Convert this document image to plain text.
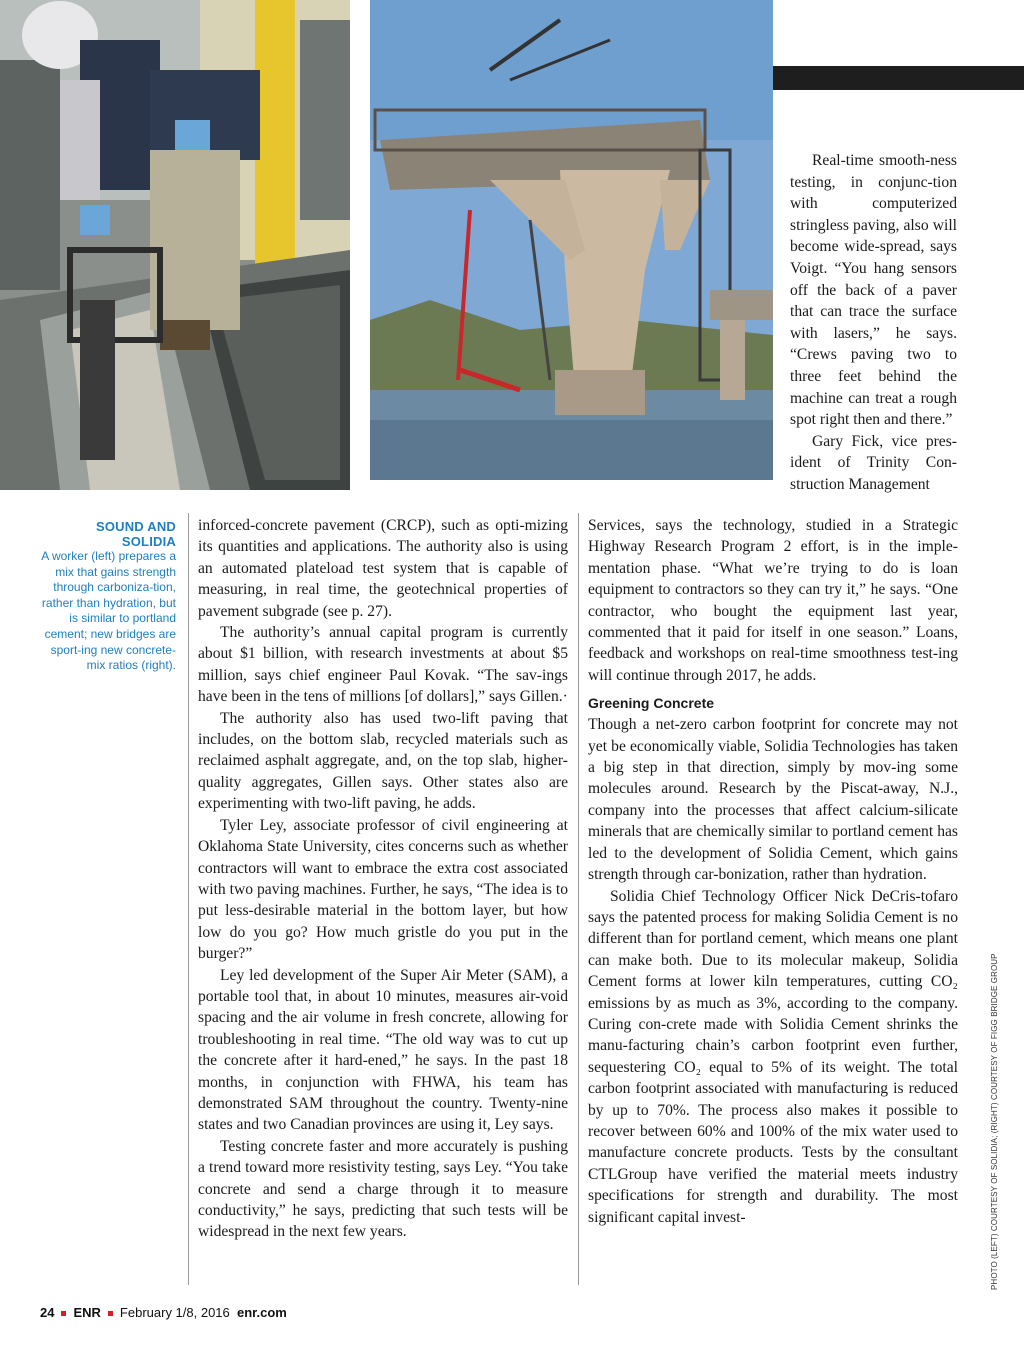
Real-time smooth-ness testing, in conjunc-tion with computerized stringless paving, also will become wide-spread, says Voigt. “You hang sensors off the back of a paver that can trace the surface with lasers,” he says. “Crews paving two to three feet behind the machine can treat a rough spot right then and there.”

Gary Fick, vice pres-ident of Trinity Con-struction Management

SOUND AND SOLIDIA
A worker (left) prepares a mix that gains strength through carboniza-tion, rather than hydration, but is similar to portland cement; new bridges are sport-ing new concrete-mix ratios (right).

inforced-concrete pavement (CRCP), such as opti-mizing its quantities and applications. The authority also is using an automated plateload test system that is capable of measuring, in real time, the geotechnical properties of pavement subgrade (see p. 27).

The authority’s annual capital program is currently about $1 billion, with research investments at about $5 million, says chief engineer Paul Kovak. “The sav-ings have been in the tens of millions [of dollars],” says Gillen.·

The authority also has used two-lift paving that includes, on the bottom slab, recycled materials such as reclaimed asphalt aggregate, and, on the top slab, higher-quality aggregates, Gillen says. Other states also are experimenting with two-lift paving, he adds.

Tyler Ley, associate professor of civil engineering at Oklahoma State University, cites concerns such as whether contractors will want to embrace the extra cost associated with two paving machines. Further, he says, “The idea is to put less-desirable material in the bottom layer, but how low do you go? How much gristle do you put in the burger?”

Ley led development of the Super Air Meter (SAM), a portable tool that, in about 10 minutes, measures air-void spacing and the air volume in fresh concrete, allowing for troubleshooting in real time. “The old way was to cut up the concrete after it hard-ened,” he says. In the past 18 months, in conjunction with FHWA, his team has demonstrated SAM throughout the country. Twenty-nine states and two Canadian provinces are using it, Ley says.

Testing concrete faster and more accurately is pushing a trend toward more resistivity testing, says Ley. “You take concrete and send a charge through it to measure conductivity,” he says, predicting that such tests will be widespread in the next few years.

Services, says the technology, studied in a Strategic Highway Research Program 2 effort, is in the imple-mentation phase. “What we’re trying to do is loan equipment to contractors so they can try it,” he says. “One contractor, who bought the equipment last year, commented that it paid for itself in one season.” Loans, feedback and workshops on real-time smoothness test-ing will continue through 2017, he adds.

Greening Concrete

Though a net-zero carbon footprint for concrete may not yet be economically viable, Solidia Technologies has taken a big step in that direction, simply by mov-ing some molecules around. Research by the Piscat-away, N.J., company into the processes that affect calcium-silicate minerals that are chemically similar to portland cement has led to the development of Solidia Cement, which gains strength through car-bonization, rather than hydration.

Solidia Chief Technology Officer Nick DeCris-tofaro says the patented process for making Solidia Cement is no different than for portland cement, which means one plant can make both. Due to its molecular makeup, Solidia Cement forms at lower kiln temperatures, cutting CO₂ emissions by as much as 3%, according to the company. Curing con-crete made with Solidia Cement shrinks the manu-facturing chain’s carbon footprint even further, sequestering CO₂ equal to 5% of its weight. The total carbon footprint associated with manufacturing is reduced by up to 70%. The process also makes it possible to recover between 60% and 100% of the mix water used to manufacture concrete products. Tests by the consultant CTLGroup have verified the material meets industry specifications for strength and durability. The most significant capital invest-	PHOTO (LEFT) COURTESY OF SOLIDIA; (RIGHT) COURTESY OF FIGG BRIDGE GROUP
24 ENR February 1/8, 2016 enr.com
